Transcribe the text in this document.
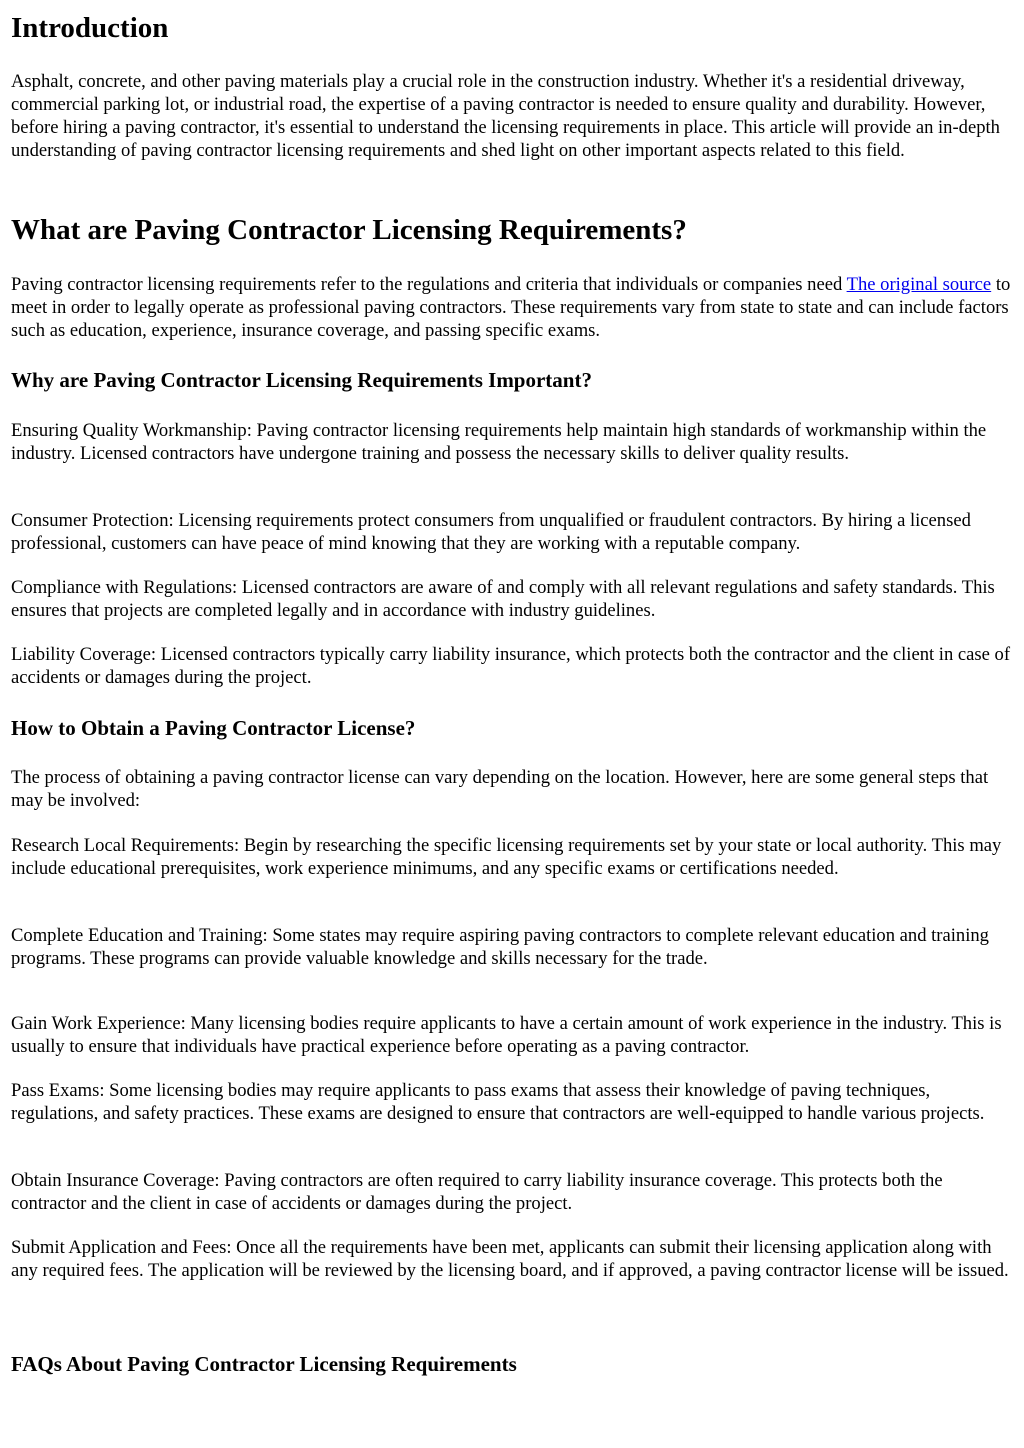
Introduction

Asphalt, concrete, and other paving materials play a crucial role in the construction industry. Whether it's a residential driveway, commercial parking lot, or industrial road, the expertise of a paving contractor is needed to ensure quality and durability. However, before hiring a paving contractor, it's essential to understand the licensing requirements in place. This article will provide an in-depth understanding of paving contractor licensing requirements and shed light on other important aspects related to this field.

What are Paving Contractor Licensing Requirements?

Paving contractor licensing requirements refer to the regulations and criteria that individuals or companies need The original source to meet in order to legally operate as professional paving contractors. These requirements vary from state to state and can include factors such as education, experience, insurance coverage, and passing specific exams.

Why are Paving Contractor Licensing Requirements Important?

Ensuring Quality Workmanship: Paving contractor licensing requirements help maintain high standards of workmanship within the industry. Licensed contractors have undergone training and possess the necessary skills to deliver quality results.

Consumer Protection: Licensing requirements protect consumers from unqualified or fraudulent contractors. By hiring a licensed professional, customers can have peace of mind knowing that they are working with a reputable company.

Compliance with Regulations: Licensed contractors are aware of and comply with all relevant regulations and safety standards. This ensures that projects are completed legally and in accordance with industry guidelines.

Liability Coverage: Licensed contractors typically carry liability insurance, which protects both the contractor and the client in case of accidents or damages during the project.

How to Obtain a Paving Contractor License?

The process of obtaining a paving contractor license can vary depending on the location. However, here are some general steps that may be involved:

Research Local Requirements: Begin by researching the specific licensing requirements set by your state or local authority. This may include educational prerequisites, work experience minimums, and any specific exams or certifications needed.

Complete Education and Training: Some states may require aspiring paving contractors to complete relevant education and training programs. These programs can provide valuable knowledge and skills necessary for the trade.

Gain Work Experience: Many licensing bodies require applicants to have a certain amount of work experience in the industry. This is usually to ensure that individuals have practical experience before operating as a paving contractor.

Pass Exams: Some licensing bodies may require applicants to pass exams that assess their knowledge of paving techniques, regulations, and safety practices. These exams are designed to ensure that contractors are well-equipped to handle various projects.

Obtain Insurance Coverage: Paving contractors are often required to carry liability insurance coverage. This protects both the contractor and the client in case of accidents or damages during the project.

Submit Application and Fees: Once all the requirements have been met, applicants can submit their licensing application along with any required fees. The application will be reviewed by the licensing board, and if approved, a paving contractor license will be issued.

FAQs About Paving Contractor Licensing Requirements
